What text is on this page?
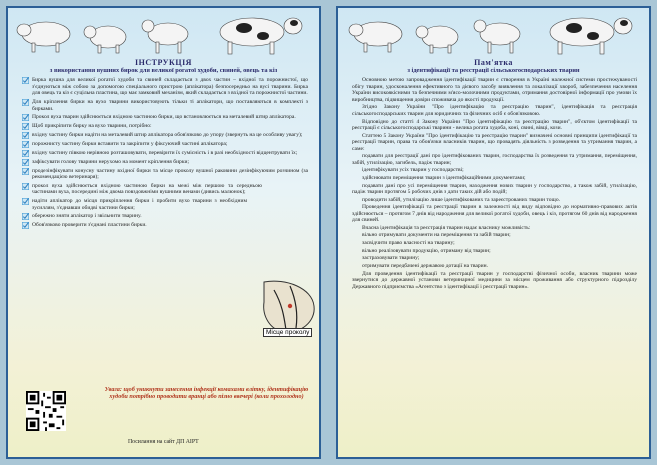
ІНСТРУКЦІЯ
з використання вушних бирок для великої рогатої худоби, свиней, овець та кіз

Бирка вушна для великої рогатої худоби та свиней складається з двох частин – вхідної та порожнистої, що з'єднуються між собою за допомогою спеціального пристрою (аплікатора) безпосередньо на вусі тварини. Бирка для овець та кіз є суцільна пластина, що має замковий механізм, який складається з вхідної та порожнистої частини.

Для кріплення бирки на вухо тварини використовують тільки ті аплікатори, що поставляються в комплекті з бирками.

Прокол вуха тварин здійснюється вхідною частиною бирки, що встановлюється на металевий штир аплікатора.

Щоб прикріпити бирку на вухо тварини, потрібно:

вхідну частину бирки надіти на металевий штир аплікатора обов'язково до упору (звернуть на це особливу увагу);

порожнисту частину бирки вставити та закріпити у фіксуючий частині аплікатора;

вхідну частину півкою нерівною розташовувати, перевірити їх сумісність і в разі необхідності відцентрувати їх;

зафіксувати голову тварини нерухомо на момент кріплення бирки;

продезінфікувати конусну частину вхідної бирки та місце проколу вушної раковини дезінфікуючим розчином (за рекомендацією ветеринаря);

прокол вуха здійснюється вхідною частиною бирки на межі між першою та середньою частинами вуха, посередині між двома повздовжніми вушними венами (дивись малюнок);

надіти аплікатор до місця прикріплення бирки і пробити вухо тварини з необхідним зусиллям, з'єднавши обидві частини бирки;

обережно зняти аплікатор і звільнити тварину.

Обов'язково проверити з'єднані пластини бирки.

Місце проколу
Увага: щоб уникнути занесення інфекції комахами влітку, ідентифікацію худоби потрібно проводити вранці або пізно ввечері (коли прохолодно)
Посилання на сайт ДП АІРТ
Пам'ятка
з ідентифікації та реєстрації сільськогосподарських тварин

Основною метою запровадження ідентифікації тварин є створення в Україні належної системи простежуваності обігу тварин, удосконалення ефективного та дієвого засобу виявлення та локалізації хвороб, забезпечення населення України високоякісними та безпечними м'ясо-молочними продуктами, отримання достовірної інформації про умови їх виробництва, підвищення довіри споживача до якості продукції.

Згідно Закону України "Про ідентифікацію та реєстрацію тварин", ідентифікація та реєстрація сільськогосподарських тварин для юридичних та фізичних осіб є обов'язковою.

Відповідно до статті 4 Закону України "Про ідентифікацію та реєстрацію тварин", об'єктом ідентифікації та реєстрації є сільськогосподарські тварини - велика рогата худоба, коні, свині, вівці, кози.

Статтею 5 Закону України "Про ідентифікацію та реєстрацію тварин" визначені основні принципи ідентифікації та реєстрації тварин, права та обов'язки власників тварин, що провадять діяльність з розведення та утримання тварин, а саме:

подавати для реєстрації дані про ідентифікованих тварин, господарства їх розведення та утримання, переміщення, забій, утилізацію, загибель, падіж тварин;

ідентифікувати усіх тварин у господарстві;

здійснювати переміщення тварин з ідентифікаційними документами;

подавати дані про усі переміщення тварин, находження нових тварин у господарство, а також забій, утилізацію, падіж тварин протягом 5 робочих днів з дати таких дій або подій;

проводити забій, утилізацію лише ідентифікованих та зареєстрованих тварин тощо.

Проведення ідентифікації та реєстрації тварин в залежності від виду відповідно до нормативно-правових актів здійснюється – протягом 7 днів від народження для великої рогатої худоби, овець і кіз, протягом 60 днів від народження для свиней.

Вчасна ідентифікація та реєстрація тварин надає власнику можливість:

вільно отримувати документи на переміщення та забій тварин;

засвідчити право власності на тварину;

вільно реалізовувати продукцію, отриману від тварин;

застраховувати тварину;

отримувати передбачені державою дотації на тварин.

Для проведення ідентифікації та реєстрації тварин у господарстві фізичної особи, власник тварини може звернутися до державної установи ветеринарної медицини за місцем проживання або структурного підрозділу Державного підприємства «Агентство з ідентифікації і реєстрації тварин».
